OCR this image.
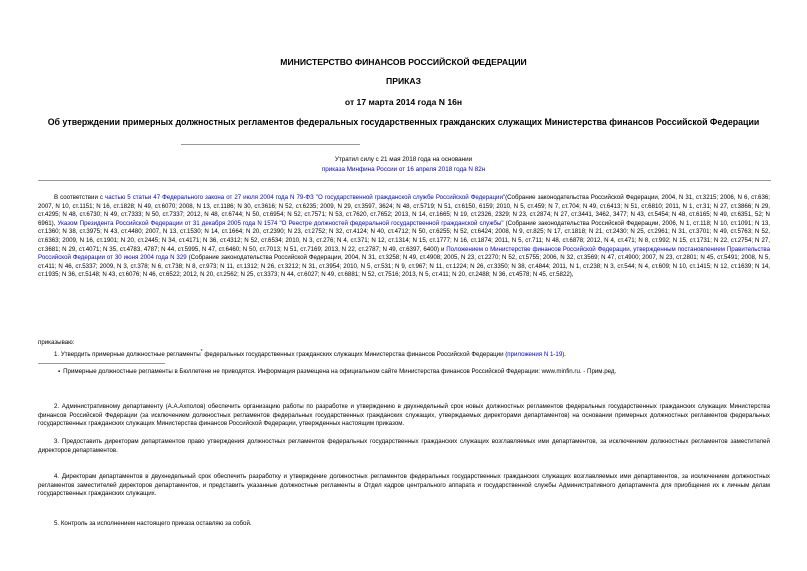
МИНИСТЕРСТВО ФИНАНСОВ РОССИЙСКОЙ ФЕДЕРАЦИИ
ПРИКАЗ
от 17 марта 2014 года N 16н
Об утверждении примерных должностных регламентов федеральных государственных гражданских служащих Министерства финансов Российской Федерации
Утратил силу с 21 мая 2018 года на основании
приказа Минфина России от 16 апреля 2018 года N 82н
В соответствии с частью 5 статьи 47 Федерального закона от 27 июля 2004 года N 79-ФЗ "О государственной гражданской службе Российской Федерации"(Собрание законодательства Российской Федерации, 2004, N 31, ст.3215; 2006, N 6, ст.636; 2007, N 10, ст.1151; N 16, ст.1828; N 49, ст.6070; 2008, N 13, ст.1186; N 30, ст.3616; N 52, ст.6235; 2009, N 29, ст.3597, 3624; N 48, ст.5719; N 51, ст.6150, 6159; 2010, N 5, ст.459; N 7, ст.704; N 49, ст.6413; N 51, ст.6810; 2011, N 1, ст.31; N 27, ст.3866; N 29, ст.4295; N 48, ст.6730; N 49, ст.7333; N 50, ст.7337; 2012, N 48, ст.6744; N 50, ст.6954; N 52, ст.7571; N 53, ст.7620, ст.7652; 2013, N 14, ст.1665; N 19, ст.2326, 2329; N 23, ст.2874; N 27, ст.3441, 3462, 3477; N 43, ст.5454; N 48, ст.6165; N 49, ст.6351, 52; N 6961), Указом Президента Российской Федерации от 31 декабря 2005 года N 1574 "О Реестре должностей федеральной государственной гражданской службы" (Собрание законодательства Российской Федерации, 2006, N 1, ст.118; N 10, ст.1091; N 13, ст.1360; N 38, ст.3975; N 43, ст.4480; 2007, N 13, ст.1530; N 14, ст.1664; N 20, ст.2390; N 23, ст.2752; N 32, ст.4124; N 40, ст.4712; N 50, ст.6255; N 52, ст.6424; 2008, N 9, ст.825; N 17, ст.1818; N 21, ст.2430; N 25, ст.2961; N 31, ст.3701; N 49, ст.5763; N 52, ст.6363; 2009, N 16, ст.1901; N 20, ст.2445; N 34, ст.4171; N 36, ст.4312; N 52, ст.6534; 2010, N 3, ст.276; N 4, ст.371; N 12, ст.1314; N 15, ст.1777; N 16, ст.1874; 2011, N 5, ст.711; N 48, ст.6878; 2012, N 4, ст.471; N 8, ст.992; N 15, ст.1731; N 22, ст.2754; N 27, ст.3681; N 29, ст.4071; N 35, ст.4783, 4787; N 44, ст.5995, N 47, ст.6460; N 50, ст.7013; N 51, ст.7169; 2013, N 22, ст.2787; N 49, ст.6397, 6400) и Положением о Министерстве финансов Российской Федерации, утвержденным постановлением Правительства Российской Федерации от 30 июня 2004 года N 329 (Собрание законодательства Российской Федерации, 2004, N 31, ст.3258; N 49, ст.4908; 2005, N 23, ст.2270; N 52, ст.5755; 2006, N 32, ст.3569; N 47, ст.4900; 2007, N 23, ст.2801; N 45, ст.5491; 2008, N 5, ст.411; N 46, ст.5337; 2009, N 3, ст.378; N 6, ст.738; N 8, ст.973; N 11, ст.1312; N 26, ст.3212; N 31, ст.3954; 2010, N 5, ст.531; N 9, ст.967; N 11, ст.1224; N 26, ст.3350; N 38, ст.4844; 2011, N 1, ст.238; N 3, ст.544; N 4, ст.609; N 10, ст.1415; N 12, ст.1639; N 14, ст.1935; N 36, ст.5148; N 43, ст.6076; N 46, ст.6522; 2012, N 20, ст.2562; N 25, ст.3373; N 44, ст.6027; N 49, ст.6881; N 52, ст.7516; 2013, N 5, ст.411; N 20, ст.2488; N 36, ст.4578; N 45, ст.5822),
приказываю:
1. Утвердить примерные должностные регламенты* федеральных государственных гражданских служащих Министерства финансов Российской Федерации (приложения N 1-19).
▪ Примерные должностные регламенты в Бюллетене не приводятся. Информация размещена на официальном сайте Министерства финансов Российской Федерации: www.minfin.ru. - Прим.ред.
2. Административному департаменту (А.А.Ахполов) обеспечить организацию работы по разработке и утверждению в двухнедельный срок новых должностных регламентов федеральных государственных гражданских служащих Министерства финансов Российской Федерации (за исключением должностных регламентов федеральных государственных гражданских служащих, утверждаемых директорами департаментов) на основании примерных должностных регламентов федеральных государственных гражданских служащих Министерства финансов Российской Федерации, утвержденных настоящим приказом.
3. Предоставить директорам департаментов право утверждения должностных регламентов федеральных государственных гражданских служащих возглавляемых ими департаментов, за исключением должностных регламентов заместителей директоров департаментов.
4. Директорам департаментов в двухнедельный срок обеспечить разработку и утверждение должностных регламентов федеральных государственных гражданских служащих возглавляемых ими департаментов, за исключением должностных регламентов заместителей директоров департаментов, и представить указанные должностные регламенты в Отдел кадров центрального аппарата и государственной службы Административного департамента для приобщения их к личным делам государственных гражданских служащих.
5. Контроль за исполнением настоящего приказа оставляю за собой.
